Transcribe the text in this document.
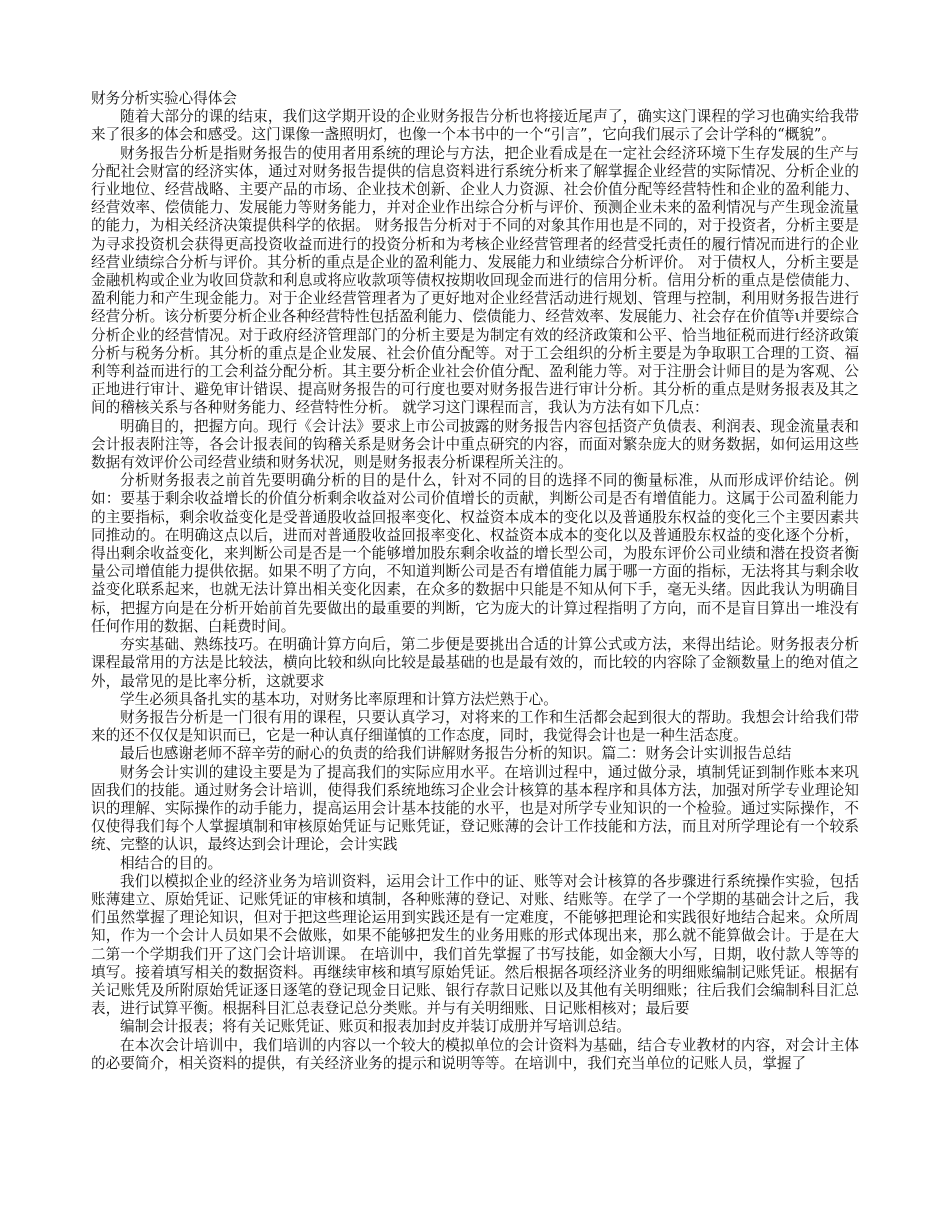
财务分析实验心得体会

随着大部分的课的结束，我们这学期开设的企业财务报告分析也将接近尾声了，确实这门课程的学习也确实给我带来了很多的体会和感受。这门课像一盏照明灯，也像一个本书中的一个“引言”，它向我们展示了会计学科的“概貌”。

财务报告分析是指财务报告的使用者用系统的理论与方法，把企业看成是在一定社会经济环境下生存发展的生产与分配社会财富的经济实体，通过对财务报告提供的信息资料进行系统分析来了解掌握企业经营的实际情况、分析企业的行业地位、经营战略、主要产品的市场、企业技术创新、企业人力资源、社会价值分配等经营特性和企业的盈利能力、经营效率、偿债能力、发展能力等财务能力，并对企业作出综合分析与评价、预测企业未来的盈利情况与产生现金流量的能力，为相关经济决策提供科学的依据。 财务报告分析对于不同的对象其作用也是不同的，对于投资者，分析主要是为寻求投资机会获得更高投资收益而进行的投资分析和为考核企业经营管理者的经营受托责任的履行情况而进行的企业经营业绩综合分析与评价。其分析的重点是企业的盈利能力、发展能力和业绩综合分析评价。 对于债权人，分析主要是金融机构或企业为收回贷款和利息或将应收款项等债权按期收回现金而进行的信用分析。信用分析的重点是偿债能力、盈利能力和产生现金能力。对于企业经营管理者为了更好地对企业经营活动进行规划、管理与控制，利用财务报告进行经营分析。该分析要分析企业各种经营特性包括盈利能力、偿债能力、经营效率、发展能力、社会存在价值等ι并要综合分析企业的经营情况。对于政府经济管理部门的分析主要是为制定有效的经济政策和公平、恰当地征税而进行经济政策分析与税务分析。其分析的重点是企业发展、社会价值分配等。对于工会组织的分析主要是为争取职工合理的工资、福利等利益而进行的工会利益分配分析。其主要分析企业社会价值分配、盈利能力等。对于注册会计师目的是为客观、公正地进行审计、避免审计错误、提高财务报告的可行度也要对财务报告进行审计分析。其分析的重点是财务报表及其之间的稽核关系与各种财务能力、经营特性分析。 就学习这门课程而言，我认为方法有如下几点：

明确目的，把握方向。现行《会计法》要求上市公司披露的财务报告内容包括资产负债表、利润表、现金流量表和会计报表附注等，各会计报表间的钩稽关系是财务会计中重点研究的内容，而面对繁杂庞大的财务数据，如何运用这些数据有效评价公司经营业绩和财务状况，则是财务报表分析课程所关注的。

分析财务报表之前首先要明确分析的目的是什么，针对不同的目的选择不同的衡量标准，从而形成评价结论。例如：要基于剩余收益增长的价值分析剩余收益对公司价值增长的贡献，判断公司是否有增值能力。这属于公司盈利能力的主要指标，剩余收益变化是受普通股收益回报率变化、权益资本成本的变化以及普通股东权益的变化三个主要因素共同推动的。在明确这点以后，进而对普通股收益回报率变化、权益资本成本的变化以及普通股东权益的变化逐个分析，得出剩余收益变化，来判断公司是否是一个能够增加股东剩余收益的增长型公司，为股东评价公司业绩和潜在投资者衡量公司增值能力提供依据。如果不明了方向，不知道判断公司是否有增值能力属于哪一方面的指标，无法将其与剩余收益变化联系起来，也就无法计算出相关变化因素，在众多的数据中只能是不知从何下手，毫无头绪。因此我认为明确目标，把握方向是在分析开始前首先要做出的最重要的判断，它为庞大的计算过程指明了方向，而不是盲目算出一堆没有任何作用的数据、白耗费时间。

夯实基础、熟练技巧。在明确计算方向后，第二步便是要挑出合适的计算公式或方法，来得出结论。财务报表分析课程最常用的方法是比较法，横向比较和纵向比较是最基础的也是最有效的，而比较的内容除了金额数量上的绝对值之外，最常见的是比率分析，这就要求

学生必须具备扎实的基本功，对财务比率原理和计算方法烂熟于心。

财务报告分析是一门很有用的课程，只要认真学习，对将来的工作和生活都会起到很大的帮助。我想会计给我们带来的还不仅仅是知识而已，它是一种认真仔细谨慎的工作态度，同时，我觉得会计也是一种生活态度。

最后也感谢老师不辞辛劳的耐心的负责的给我们讲解财务报告分析的知识。篇二：财务会计实训报告总结

财务会计实训的建设主要是为了提高我们的实际应用水平。在培训过程中，通过做分录，填制凭证到制作账本来巩固我们的技能。通过财务会计培训，使得我们系统地练习企业会计核算的基本程序和具体方法，加强对所学专业理论知识的理解、实际操作的动手能力，提高运用会计基本技能的水平，也是对所学专业知识的一个检验。通过实际操作，不仅使得我们每个人掌握填制和审核原始凭证与记账凭证，登记账薄的会计工作技能和方法，而且对所学理论有一个较系统、完整的认识，最终达到会计理论，会计实践

相结合的目的。

我们以模拟企业的经济业务为培训资料，运用会计工作中的证、账等对会计核算的各步骤进行系统操作实验，包括账薄建立、原始凭证、记账凭证的审核和填制，各种账薄的登记、对账、结账等。在学了一个学期的基础会计之后，我们虽然掌握了理论知识，但对于把这些理论运用到实践还是有一定难度，不能够把理论和实践很好地结合起来。众所周知，作为一个会计人员如果不会做账，如果不能够把发生的业务用账的形式体现出来，那么就不能算做会计。于是在大二第一个学期我们开了这门会计培训课。 在培训中，我们首先掌握了书写技能，如金额大小写，日期，收付款人等等的填写。接着填写相关的数据资料。再继续审核和填写原始凭证。然后根据各项经济业务的明细账编制记账凭证。根据有关记账凭及所附原始凭证逐日逐笔的登记现金日记账、银行存款日记账以及其他有关明细账；往后我们会编制科目汇总表，进行试算平衡。根据科目汇总表登记总分类账。并与有关明细账、日记账相核对；最后要

编制会计报表；将有关记账凭证、账页和报表加封皮并装订成册并写培训总结。

在本次会计培训中，我们培训的内容以一个较大的模拟单位的会计资料为基础，结合专业教材的内容，对会计主体的必要简介，相关资料的提供，有关经济业务的提示和说明等等。在培训中，我们充当单位的记账人员，掌握了
